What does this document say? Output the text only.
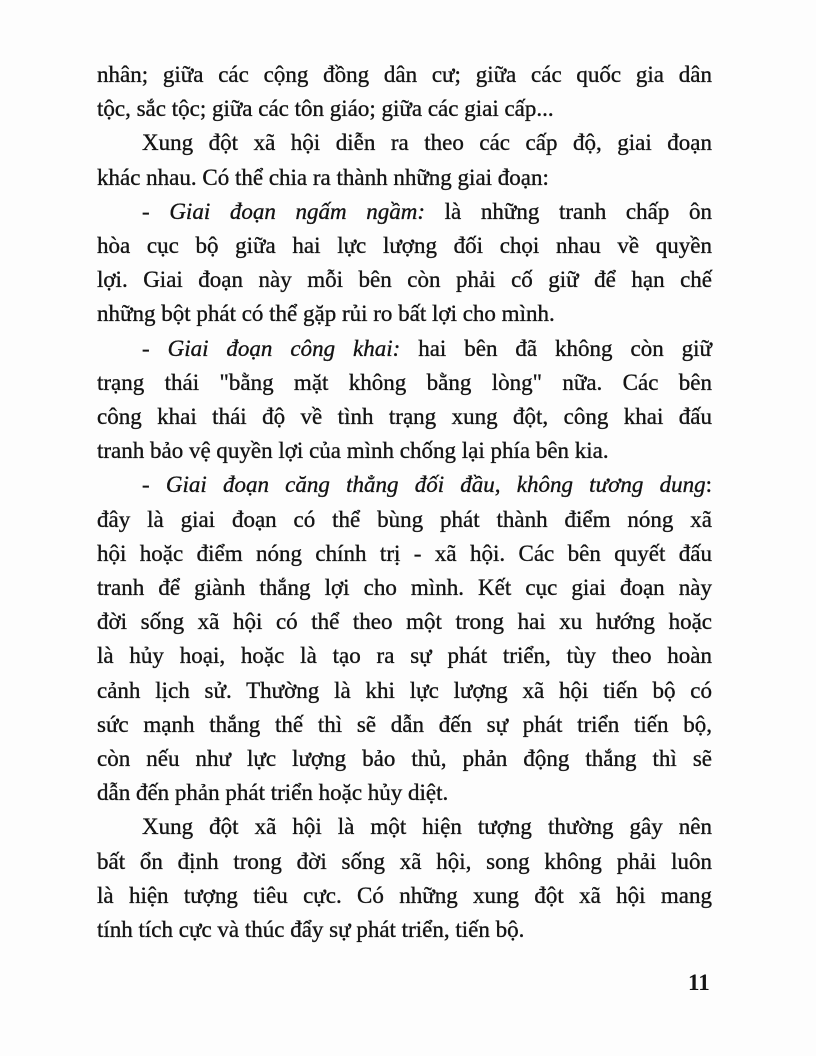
nhân; giữa các cộng đồng dân cư; giữa các quốc gia dân
tộc, sắc tộc; giữa các tôn giáo; giữa các giai cấp...
Xung đột xã hội diễn ra theo các cấp độ, giai đoạn
khác nhau. Có thể chia ra thành những giai đoạn:
- Giai đoạn ngấm ngầm: là những tranh chấp ôn
hòa cục bộ giữa hai lực lượng đối chọi nhau về quyền
lợi. Giai đoạn này mỗi bên còn phải cố giữ để hạn chế
những bột phát có thể gặp rủi ro bất lợi cho mình.
- Giai đoạn công khai: hai bên đã không còn giữ
trạng thái "bằng mặt không bằng lòng" nữa. Các bên
công khai thái độ về tình trạng xung đột, công khai đấu
tranh bảo vệ quyền lợi của mình chống lại phía bên kia.
- Giai đoạn căng thẳng đối đầu, không tương dung:
đây là giai đoạn có thể bùng phát thành điểm nóng xã
hội hoặc điểm nóng chính trị - xã hội. Các bên quyết đấu
tranh để giành thắng lợi cho mình. Kết cục giai đoạn này
đời sống xã hội có thể theo một trong hai xu hướng hoặc
là hủy hoại, hoặc là tạo ra sự phát triển, tùy theo hoàn
cảnh lịch sử. Thường là khi lực lượng xã hội tiến bộ có
sức mạnh thắng thế thì sẽ dẫn đến sự phát triển tiến bộ,
còn nếu như lực lượng bảo thủ, phản động thắng thì sẽ
dẫn đến phản phát triển hoặc hủy diệt.
Xung đột xã hội là một hiện tượng thường gây nên
bất ổn định trong đời sống xã hội, song không phải luôn
là hiện tượng tiêu cực. Có những xung đột xã hội mang
tính tích cực và thúc đẩy sự phát triển, tiến bộ.
11
